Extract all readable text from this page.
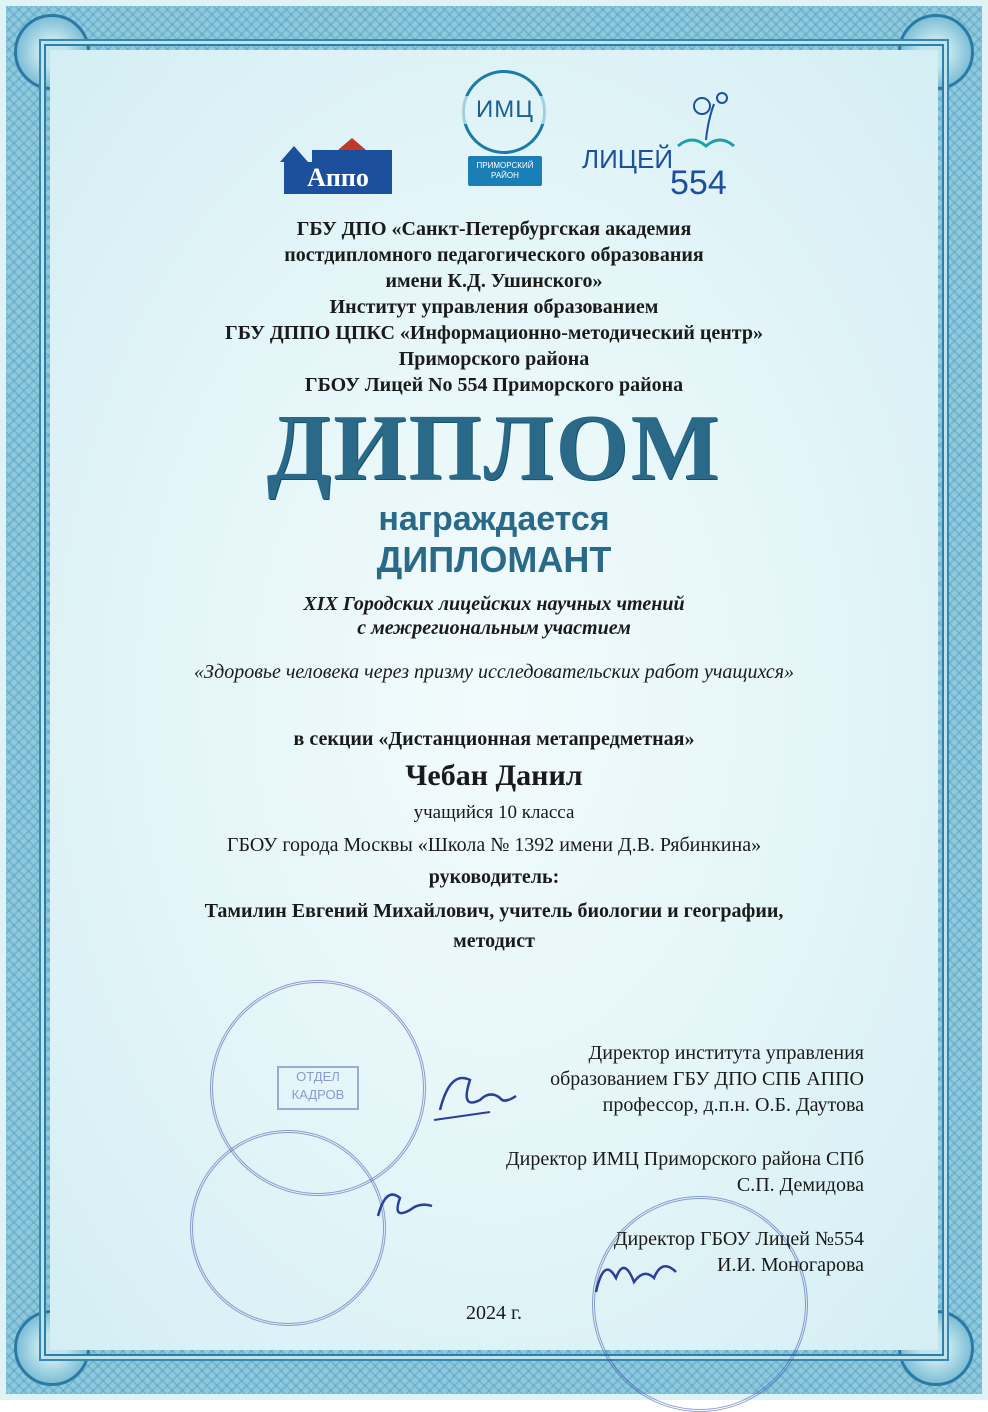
Аппо
ИМЦ
ПРИМОРСКИЙ РАЙОН
ЛИЦЕЙ
554
ГБУ ДПО «Санкт-Петербургская академия
постдипломного педагогического образования
имени К.Д. Ушинского»
Институт управления образованием
ГБУ ДППО ЦПКС «Информационно-методический центр»
Приморского района
ГБОУ Лицей No 554 Приморского района
ДИПЛОМ
награждается
ДИПЛОМАНТ
XIX Городских лицейских научных чтений
с межрегиональным участием
«Здоровье человека через призму исследовательских работ учащихся»
в секции «Дистанционная метапредметная»
Чебан Данил
учащийся 10 класса
ГБОУ города Москвы «Школа № 1392 имени Д.В. Рябинкина»
руководитель:
Тамилин Евгений Михайлович, учитель биологии и географии,
методист
ОТДЕЛ КАДРОВ
Директор института управления
образованием ГБУ ДПО СПБ АППО
профессор, д.п.н. О.Б. Даутова
Директор ИМЦ Приморского района СПб
С.П. Демидова
Директор ГБОУ Лицей №554
И.И. Моногарова
2024 г.
